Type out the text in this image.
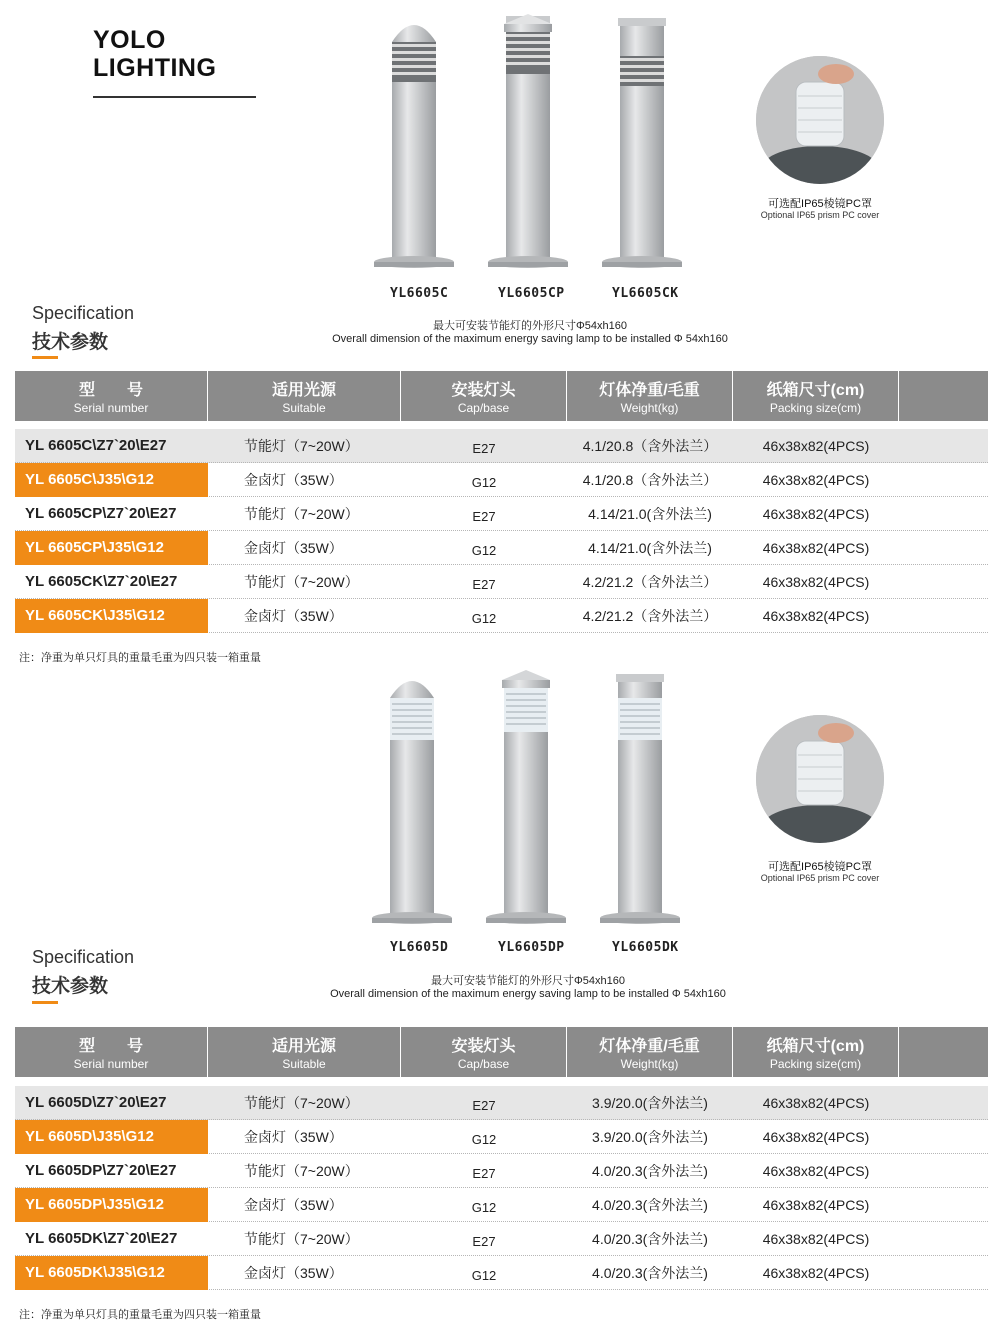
YOLO
LIGHTING
YL6605C	YL6605CP	YL6605CK
可选配IP65棱镜PC罩
Optional IP65 prism PC cover
Specification
技术参数
最大可安装节能灯的外形尺寸Φ54xh160
Overall dimension of the maximum energy saving lamp to be installed Φ 54xh160
型　　号
Serial number
适用光源
Suitable
安装灯头
Cap/base
灯体净重/毛重
Weight(kg)
纸箱尺寸(cm)
Packing size(cm)
YL 6605C\Z7`20\E27	节能灯（7~20W）	E27	4.1/20.8（含外法兰）	46x38x82(4PCS)
YL 6605C\J35\G12	金卤灯（35W）	G12	4.1/20.8（含外法兰）	46x38x82(4PCS)
YL 6605CP\Z7`20\E27	节能灯（7~20W）	E27	4.14/21.0(含外法兰)	46x38x82(4PCS)
YL 6605CP\J35\G12	金卤灯（35W）	G12	4.14/21.0(含外法兰)	46x38x82(4PCS)
YL 6605CK\Z7`20\E27	节能灯（7~20W）	E27	4.2/21.2（含外法兰）	46x38x82(4PCS)
YL 6605CK\J35\G12	金卤灯（35W）	G12	4.2/21.2（含外法兰）	46x38x82(4PCS)
注：净重为单只灯具的重量毛重为四只装一箱重量
YL6605D	YL6605DP	YL6605DK
可选配IP65棱镜PC罩
Optional IP65 prism PC cover
Specification
技术参数	最大可安装节能灯的外形尺寸Φ54xh160
Overall dimension of the maximum energy saving lamp to be installed Φ 54xh160
型　　号
Serial number
适用光源
Suitable
安装灯头
Cap/base
灯体净重/毛重
Weight(kg)
纸箱尺寸(cm)
Packing size(cm)
YL 6605D\Z7`20\E27	节能灯（7~20W）	E27	3.9/20.0(含外法兰)	46x38x82(4PCS)
YL 6605D\J35\G12	金卤灯（35W）	G12	3.9/20.0(含外法兰)	46x38x82(4PCS)
YL 6605DP\Z7`20\E27	节能灯（7~20W）	E27	4.0/20.3(含外法兰)	46x38x82(4PCS)
YL 6605DP\J35\G12	金卤灯（35W）	G12	4.0/20.3(含外法兰)	46x38x82(4PCS)
YL 6605DK\Z7`20\E27	节能灯（7~20W）	E27	4.0/20.3(含外法兰)	46x38x82(4PCS)
YL 6605DK\J35\G12	金卤灯（35W）	G12	4.0/20.3(含外法兰)	46x38x82(4PCS)
注：净重为单只灯具的重量毛重为四只装一箱重量
